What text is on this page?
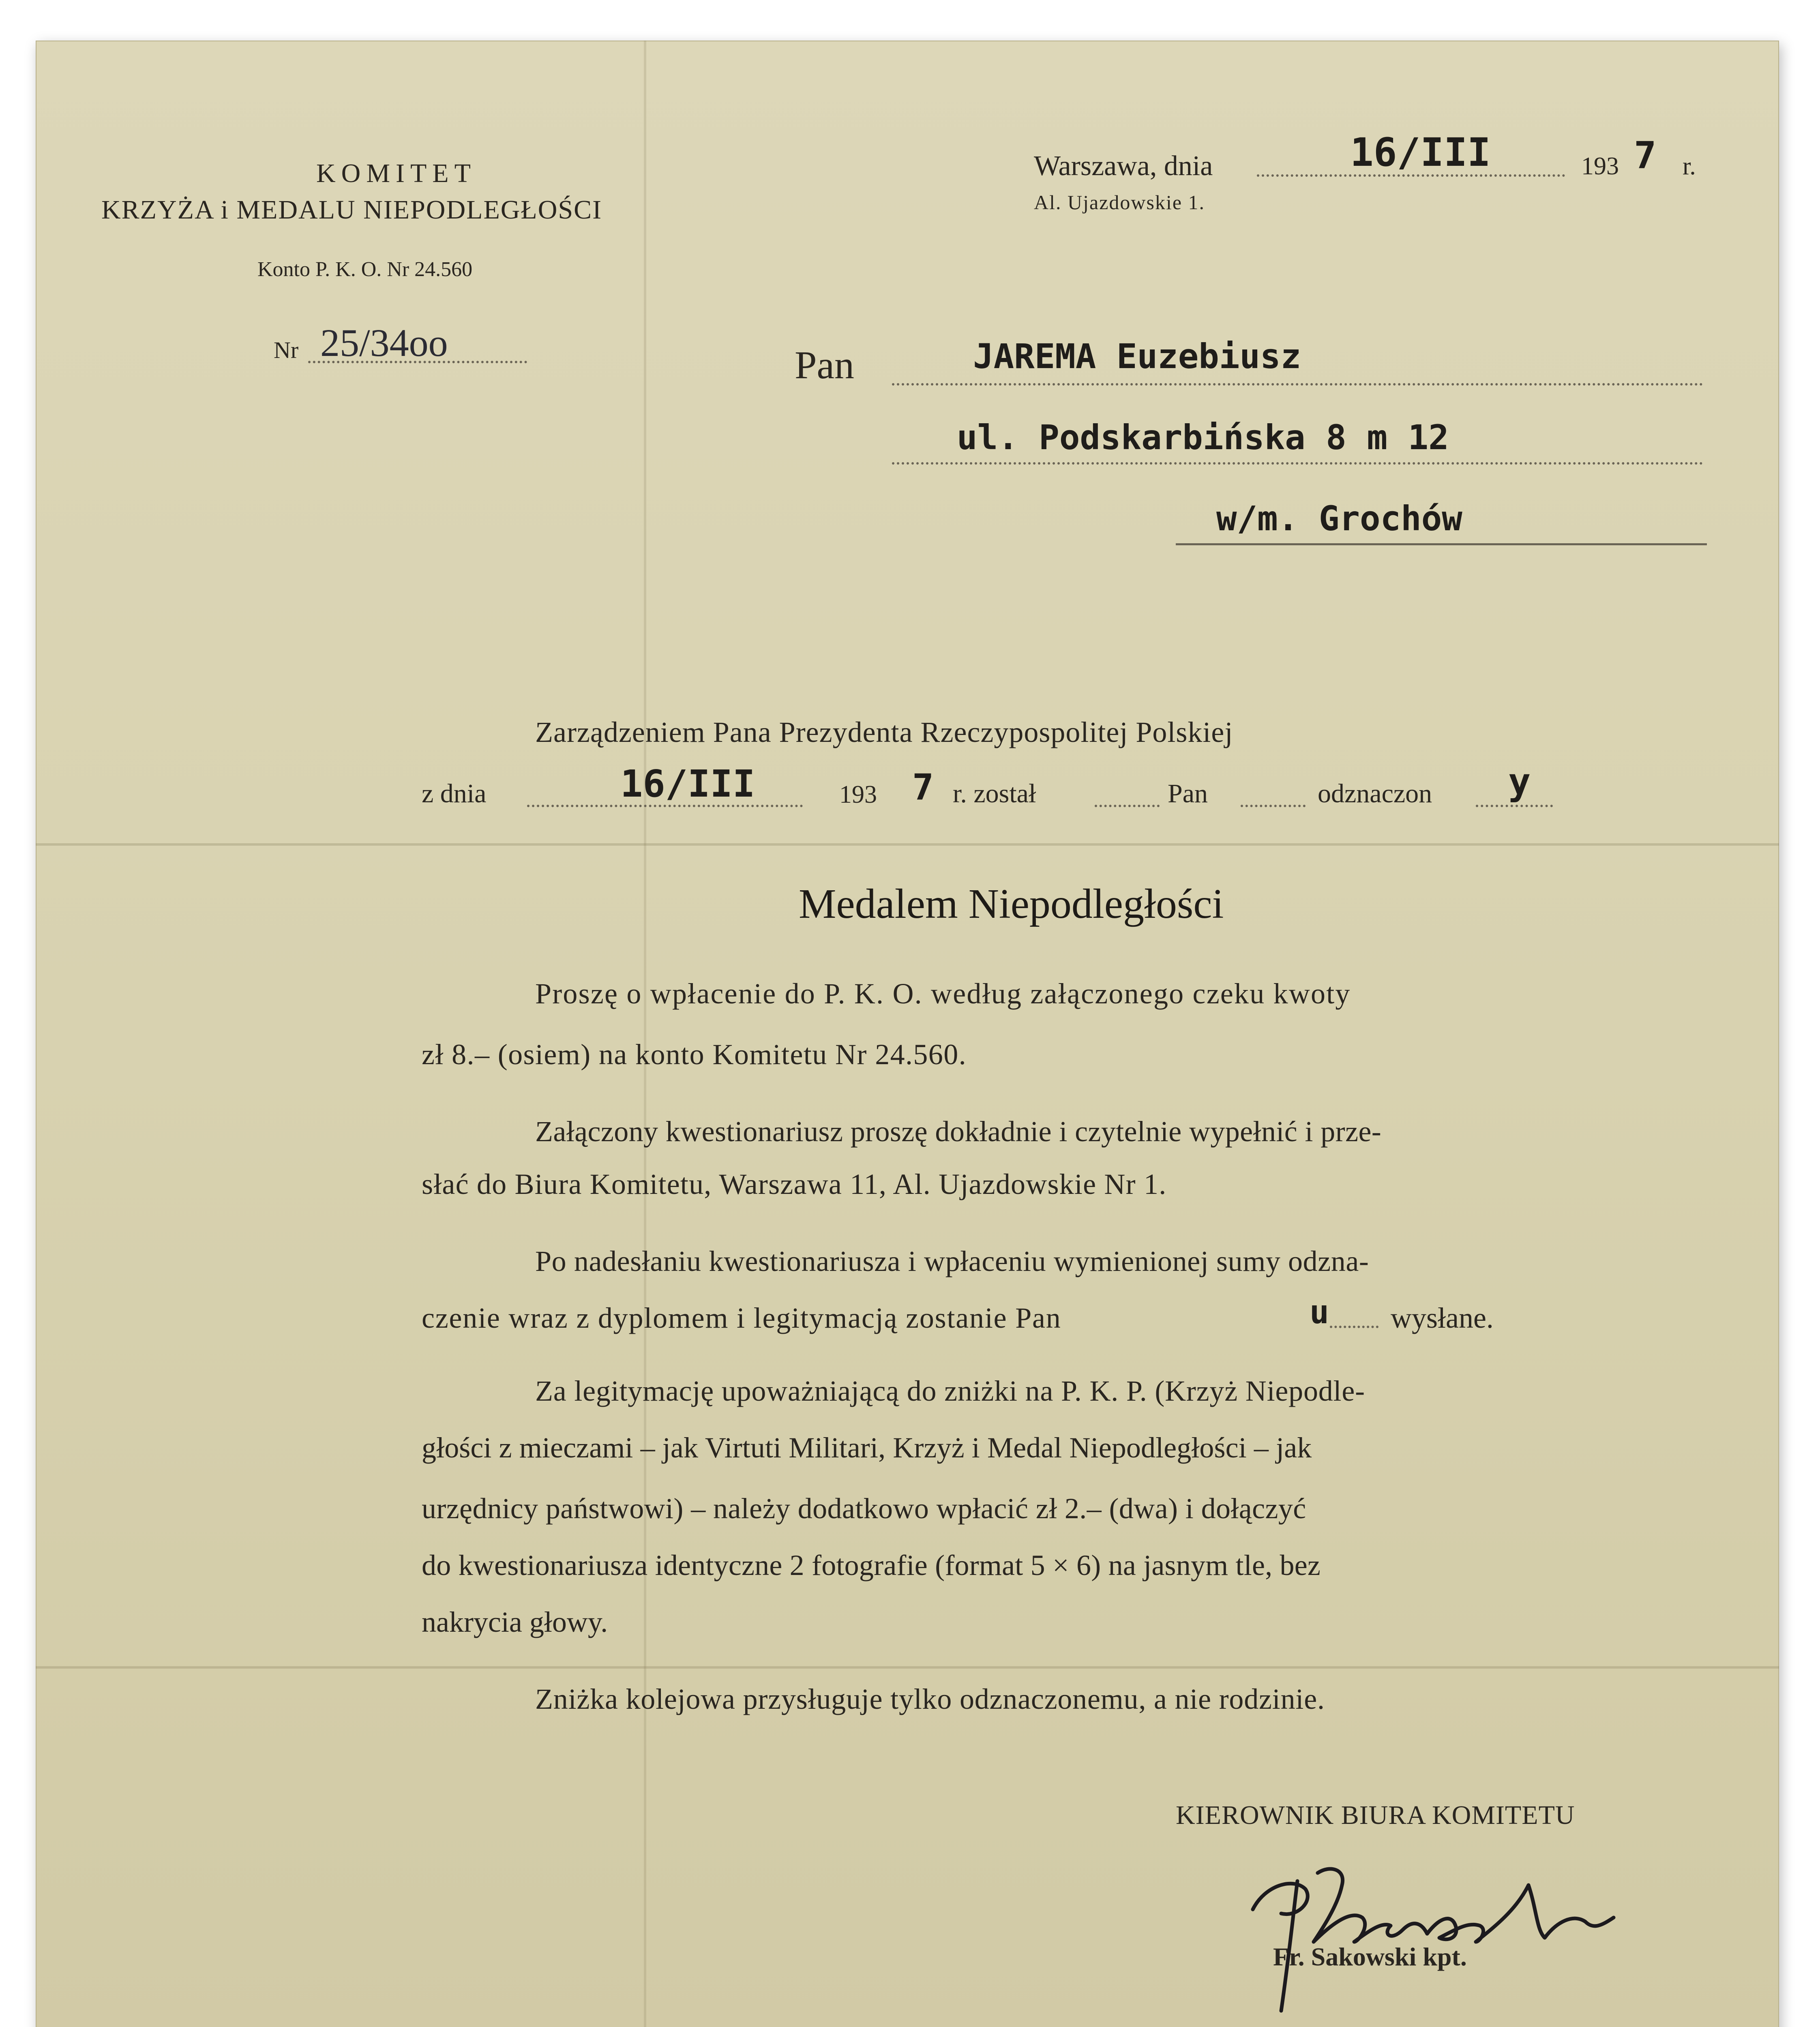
KOMITET
KRZYŻA i MEDALU NIEPODLEGŁOŚCI
Konto P. K. O. Nr 24.560
Nr 25/34oo
Warszawa, dnia	16/III	193 7 r.
Al. Ujazdowskie 1.
Pan	JAREMA Euzebiusz
ul. Podskarbińska 8 m 12
w/m. Grochów
Zarządzeniem Pana Prezydenta Rzeczypospolitej Polskiej
z dnia	16/III	193 7 r. został	Pan	odznaczon y
Medalem Niepodległości
Proszę o wpłacenie do P. K. O. według załączonego czeku kwoty
zł 8.– (osiem) na konto Komitetu Nr 24.560.
Załączony kwestionariusz proszę dokładnie i czytelnie wypełnić i prze-
słać do Biura Komitetu, Warszawa 11, Al. Ujazdowskie Nr 1.
Po nadesłaniu kwestionariusza i wpłaceniu wymienionej sumy odzna-
czenie wraz z dyplomem i legitymacją zostanie Pan	u wysłane.
Za legitymację upoważniającą do zniżki na P. K. P. (Krzyż Niepodle-
głości z mieczami – jak Virtuti Militari, Krzyż i Medal Niepodległości – jak
urzędnicy państwowi) – należy dodatkowo wpłacić zł 2.– (dwa) i dołączyć
do kwestionariusza identyczne 2 fotografie (format 5 × 6) na jasnym tle, bez
nakrycia głowy.
Zniżka kolejowa przysługuje tylko odznaczonemu, a nie rodzinie.
KIEROWNIK BIURA KOMITETU
Fr. Sakowski kpt.
